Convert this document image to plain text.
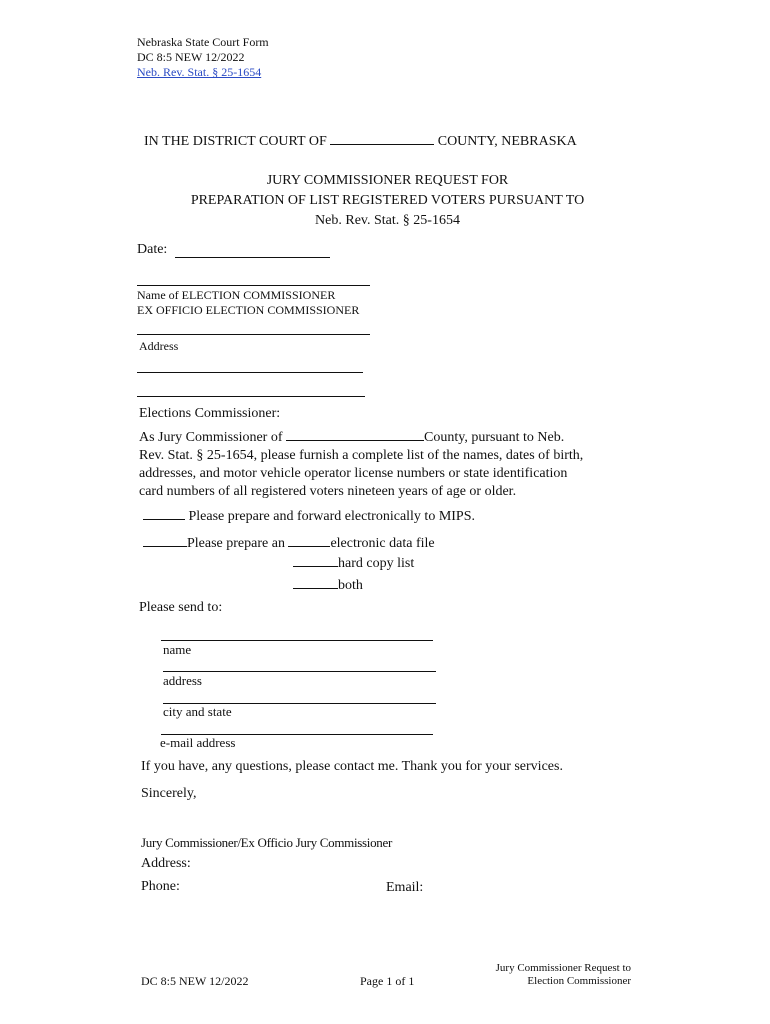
Nebraska State Court Form
DC 8:5 NEW 12/2022
Neb. Rev. Stat. § 25-1654
IN THE DISTRICT COURT OF	COUNTY, NEBRASKA
JURY COMMISSIONER REQUEST FOR
PREPARATION OF LIST REGISTERED VOTERS PURSUANT TO
Neb. Rev. Stat. § 25-1654
Date:
Name of ELECTION COMMISSIONER
EX OFFICIO ELECTION COMMISSIONER
Address
Elections Commissioner:
As Jury Commissioner of	County, pursuant to Neb.
Rev. Stat. § 25-1654, please furnish a complete list of the names, dates of birth,
addresses, and motor vehicle operator license numbers or state identification
card numbers of all registered voters nineteen years of age or older.
Please prepare and forward electronically to MIPS.
Please prepare an	electronic data file
hard copy list
both
Please send to:
name
address
city and state
e-mail address
If you have, any questions, please contact me. Thank you for your services.
Sincerely,
Jury Commissioner/Ex Officio Jury Commissioner
Address:
Phone:	Email:
DC 8:5 NEW 12/2022	Page 1 of 1
Jury Commissioner Request to
Election Commissioner
